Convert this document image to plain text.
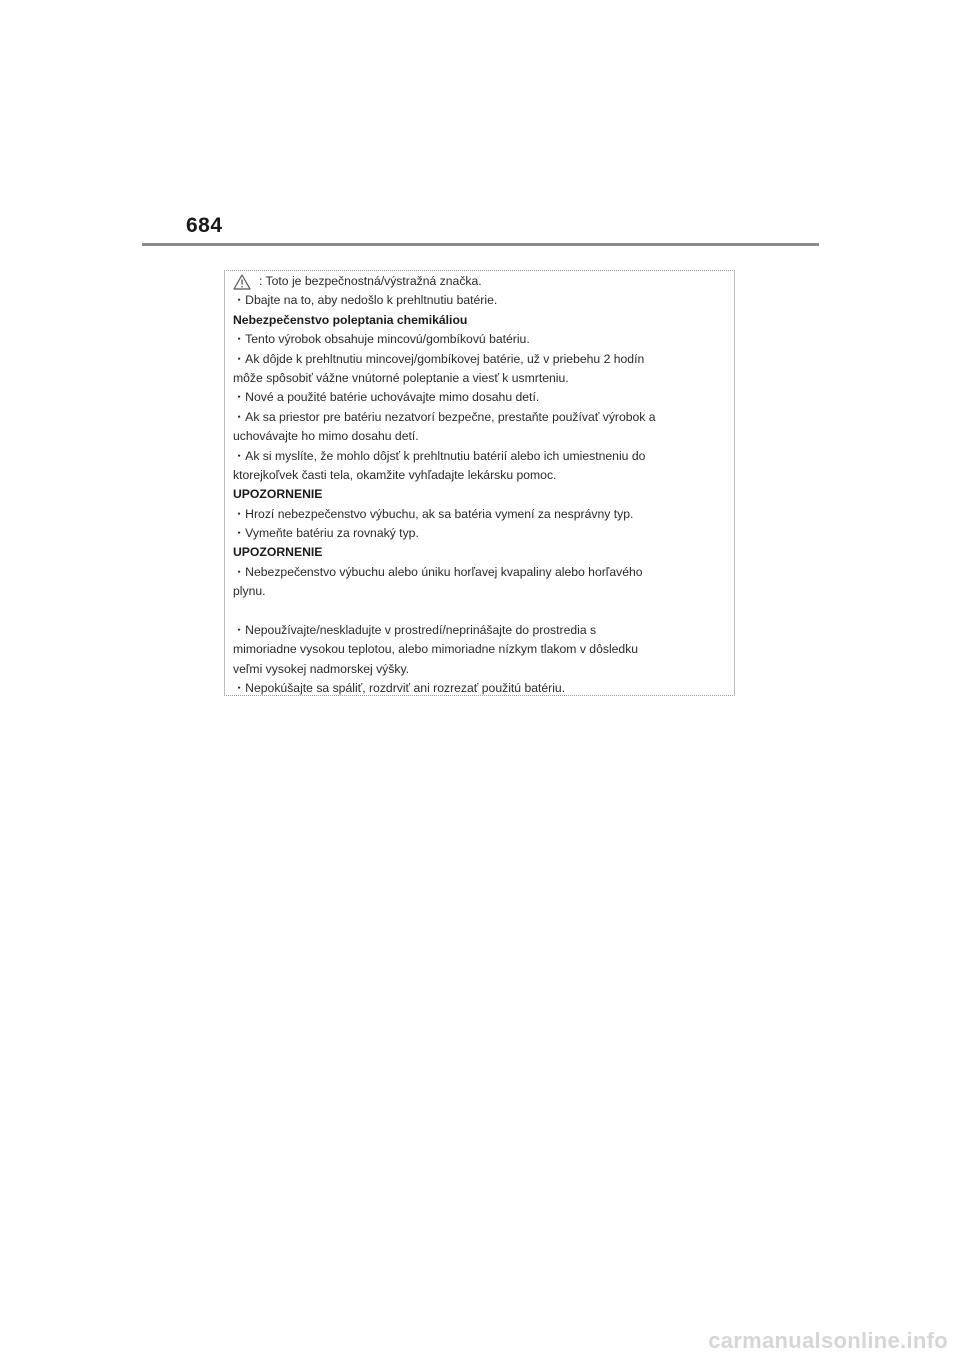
684
: Toto je bezpečnostná/výstražná značka.
・Dbajte na to, aby nedošlo k prehltnutiu batérie.
Nebezpečenstvo poleptania chemikáliou
・Tento výrobok obsahuje mincovú/gombíkovú batériu.
・Ak dôjde k prehltnutiu mincovej/gombíkovej batérie, už v priebehu 2 hodín
môže spôsobiť vážne vnútorné poleptanie a viesť k usmrteniu.
・Nové a použité batérie uchovávajte mimo dosahu detí.
・Ak sa priestor pre batériu nezatvorí bezpečne, prestaňte používať výrobok a
uchovávajte ho mimo dosahu detí.
・Ak si myslíte, že mohlo dôjsť k prehltnutiu batérií alebo ich umiestneniu do
ktorejkoľvek časti tela, okamžite vyhľadajte lekársku pomoc.
UPOZORNENIE
・Hrozí nebezpečenstvo výbuchu, ak sa batéria vymení za nesprávny typ.
・Vymeňte batériu za rovnaký typ.
UPOZORNENIE
・Nebezpečenstvo výbuchu alebo úniku horľavej kvapaliny alebo horľavého
plynu.
・Nepoužívajte/neskladujte v prostredí/neprinášajte do prostredia s
mimoriadne vysokou teplotou, alebo mimoriadne nízkym tlakom v dôsledku
veľmi vysokej nadmorskej výšky.
・Nepokúšajte sa spáliť, rozdrviť ani rozrezať použitú batériu.
carmanualsonline.info
